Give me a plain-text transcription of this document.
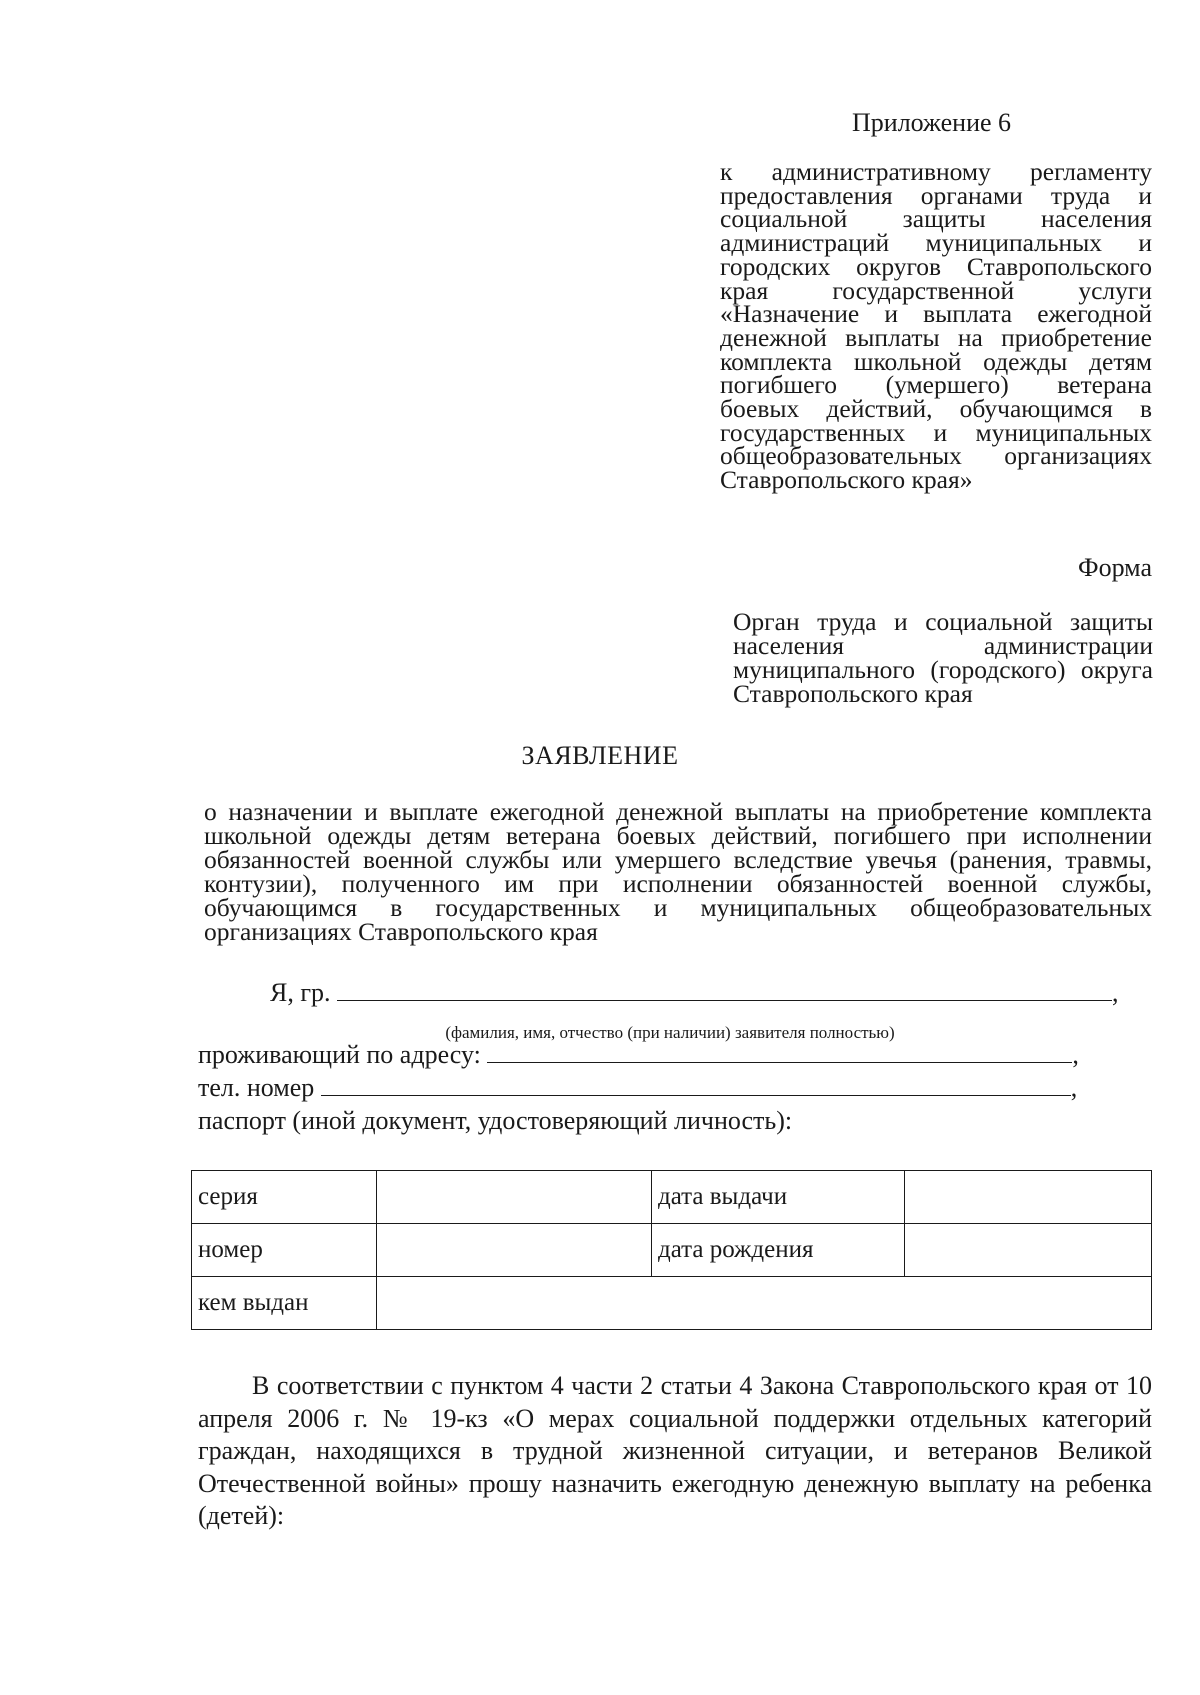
Приложение 6
к административному регламенту предоставления органами труда и социальной защиты населения администраций муниципальных и городских округов Ставропольского края государственной услуги «Назначение и выплата ежегодной денежной выплаты на приобретение комплекта школьной одежды детям погибшего (умершего) ветерана боевых действий, обучающимся в государственных и муниципальных общеобразовательных организациях Ставропольского края»
Форма
Орган труда и социальной защиты населения администрации муниципального (городского) округа Ставропольского края
ЗАЯВЛЕНИЕ
о назначении и выплате ежегодной денежной выплаты на приобретение комплекта школьной одежды детям ветерана боевых действий, погибшего при исполнении обязанностей военной службы или умершего вследствие увечья (ранения, травмы, контузии), полученного им при исполнении обязанностей военной службы, обучающимся в государственных и муниципальных общеобразовательных организациях Ставропольского края
Я, гр.	,
(фамилия, имя, отчество (при наличии) заявителя полностью)
проживающий по адресу:	,
тел. номер	,
паспорт (иной документ, удостоверяющий личность):
серия		дата выдачи	
номер		дата рождения	
кем выдан			
В соответствии с пунктом 4 части 2 статьи 4 Закона Ставропольского края от 10 апреля 2006 г. № 19-кз «О мерах социальной поддержки отдельных категорий граждан, находящихся в трудной жизненной ситуации, и ветеранов Великой Отечественной войны» прошу назначить ежегодную денежную выплату на ребенка (детей):
